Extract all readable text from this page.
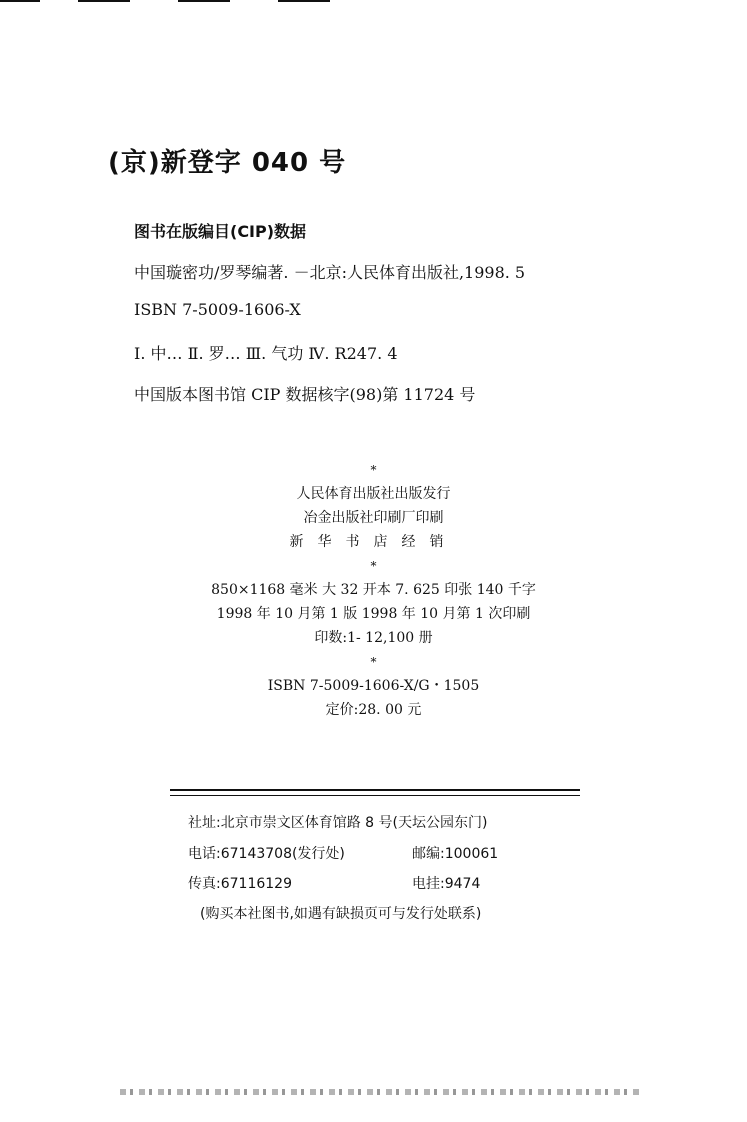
(京)新登字 040 号
图书在版编目(CIP)数据
中国璇密功/罗琴编著. －北京:人民体育出版社,1998. 5
ISBN 7-5009-1606-X
Ⅰ. 中… Ⅱ. 罗… Ⅲ. 气功 Ⅳ. R247. 4
中国版本图书馆 CIP 数据核字(98)第 11724 号
*
人民体育出版社出版发行
冶金出版社印刷厂印刷
新华书店经销
*
850×1168 毫米 大 32 开本 7. 625 印张 140 千字
1998 年 10 月第 1 版 1998 年 10 月第 1 次印刷
印数:1- 12,100 册
*
ISBN 7-5009-1606-X/G・1505
定价:28. 00 元
社址:北京市崇文区体育馆路 8 号(天坛公园东门)
电话:67143708(发行处)	邮编:100061
传真:67116129	电挂:9474
(购买本社图书,如遇有缺损页可与发行处联系)
